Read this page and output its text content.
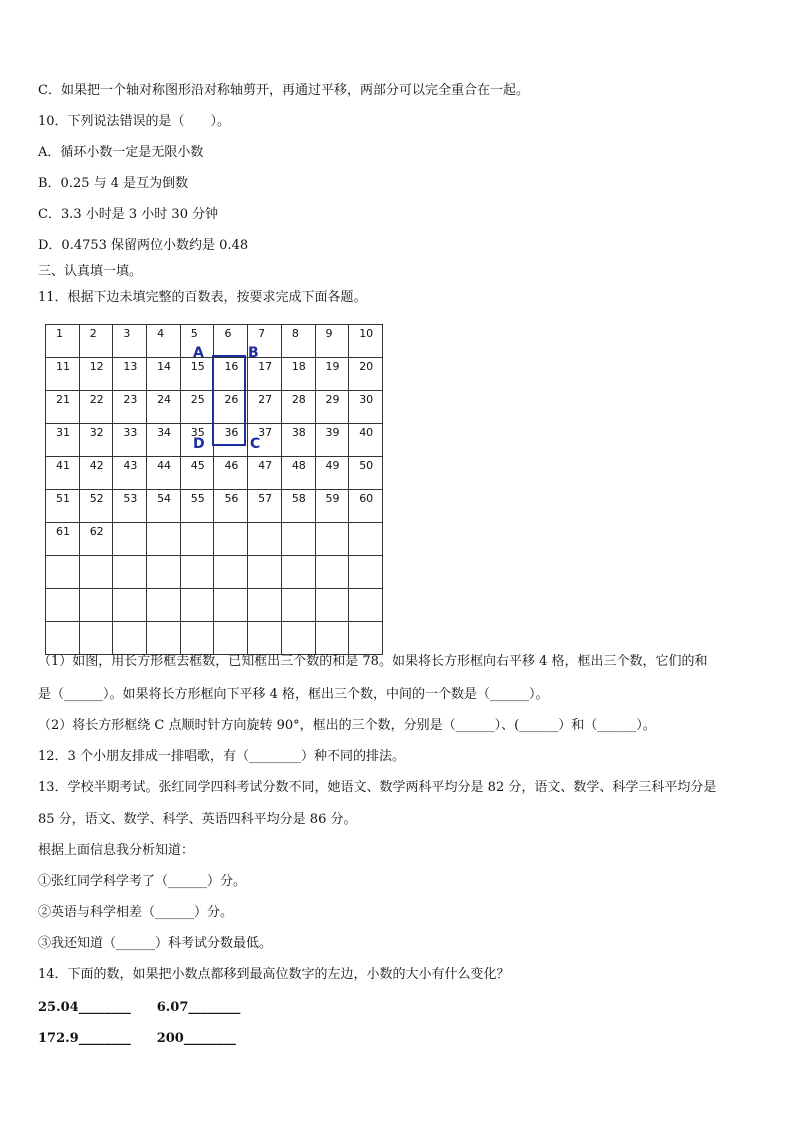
C．如果把一个轴对称图形沿对称轴剪开，再通过平移，两部分可以完全重合在一起。
10．下列说法错误的是（　　）。
A．循环小数一定是无限小数
B．0.25 与 4 是互为倒数
C．3.3 小时是 3 小时 30 分钟
D．0.4753 保留两位小数约是 0.48
三、认真填一填。
11．根据下边未填完整的百数表，按要求完成下面各题。
1	2	3	4	5	6	7	8	9	10
11	12	13	14	15	16	17	18	19	20
21	22	23	24	25	26	27	28	29	30
31	32	33	34	35	36	37	38	39	40
41	42	43	44	45	46	47	48	49	50
51	52	53	54	55	56	57	58	59	60
61	62								

A	B
C
D
（1）如图，用长方形框去框数，已知框出三个数的和是 78。如果将长方形框向右平移 4 格，框出三个数，它们的和
是（______）。如果将长方形框向下平移 4 格，框出三个数，中间的一个数是（______）。
（2）将长方形框绕 C 点顺时针方向旋转 90°，框出的三个数，分别是（______）、(______）和（______）。
12．3 个小朋友排成一排唱歌，有（________）种不同的排法。
13．学校半期考试。张红同学四科考试分数不同，她语文、数学两科平均分是 82 分，语文、数学、科学三科平均分是
85 分，语文、数学、科学、英语四科平均分是 86 分。
根据上面信息我分析知道：
①张红同学科学考了（______）分。
②英语与科学相差（______）分。
③我还知道（______）科考试分数最低。
14．下面的数，如果把小数点都移到最高位数字的左边，小数的大小有什么变化？
25.04________　　6.07________
172.9________　　200________
